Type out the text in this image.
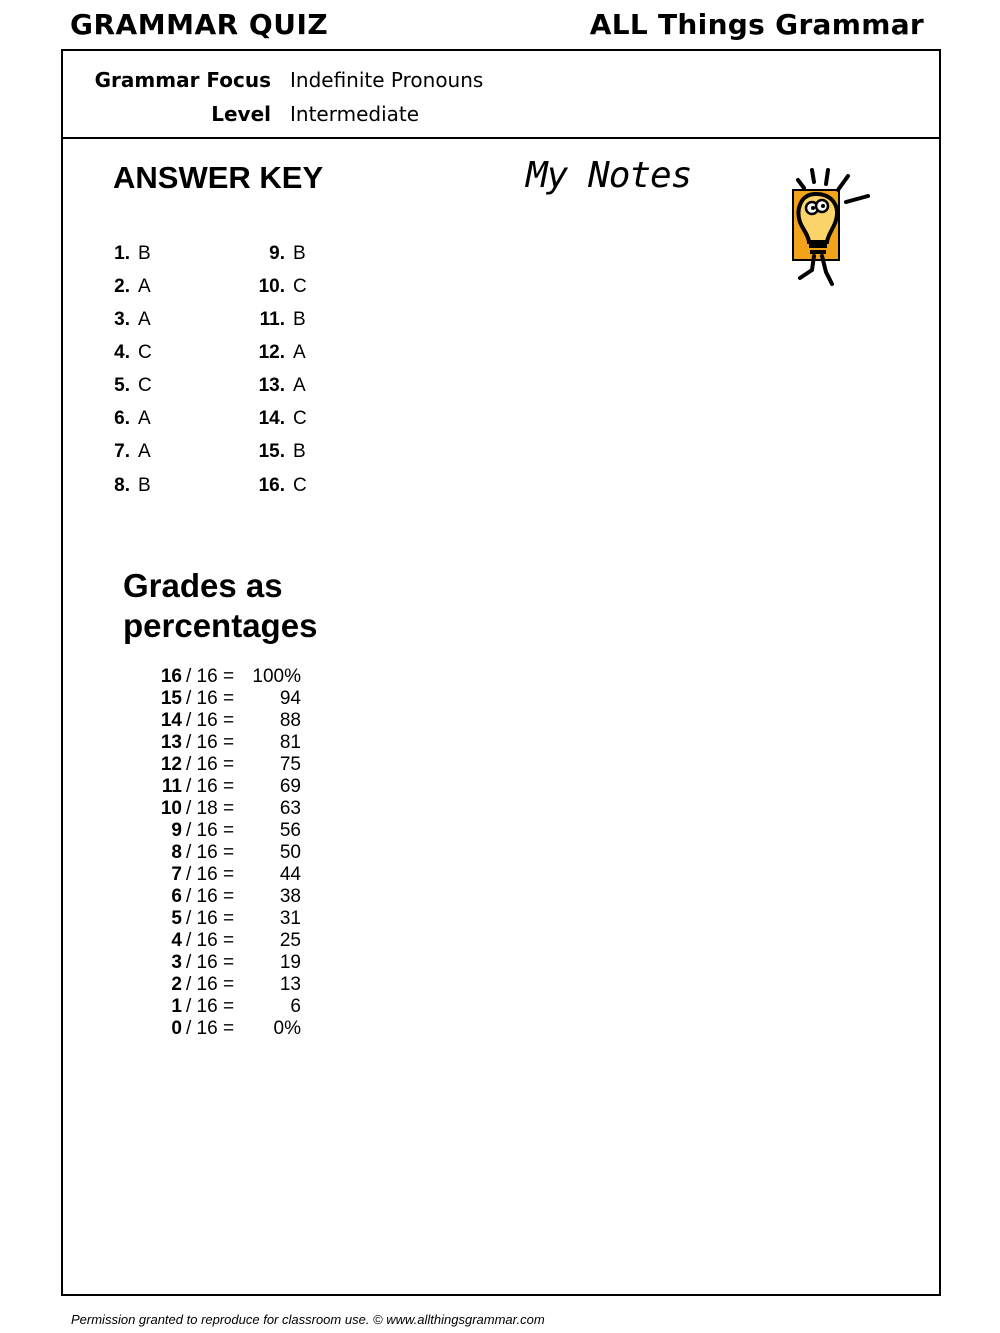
GRAMMAR QUIZ	ALL Things Grammar
Grammar Focus Indefinite Pronouns
Level Intermediate
ANSWER KEY	My Notes
1. B
2. A
3. A
4. C
5. C
6. A
7. A
8. B
9. B
10. C
11. B
12. A
13. A
14. C
15. B
16. C
Grades as
percentages
16 / 16 = 100%
15 / 16 = 94
14 / 16 = 88
13 / 16 = 81
12 / 16 = 75
11 / 16 = 69
10 / 18 = 63
9 / 16 = 56
8 / 16 = 50
7 / 16 = 44
6 / 16 = 38
5 / 16 = 31
4 / 16 = 25
3 / 16 = 19
2 / 16 = 13
1 / 16 =	6
0 / 16 = 0%
Permission granted to reproduce for classroom use. © www.allthingsgrammar.com
